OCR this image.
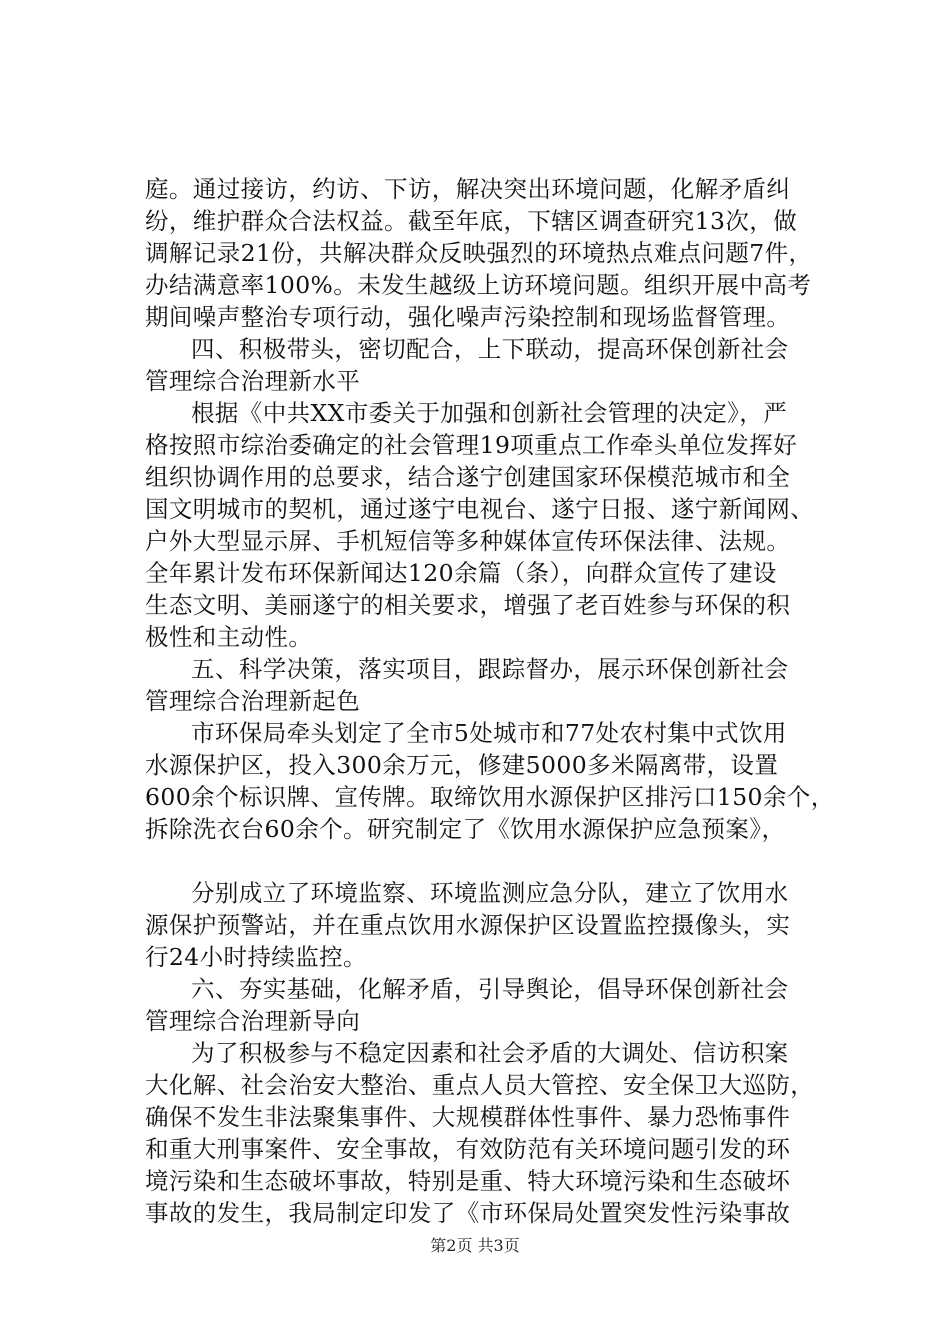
庭。通过接访，约访、下访，解决突出环境问题，化解矛盾纠
纷，维护群众合法权益。截至年底，下辖区调查研究13次，做
调解记录21份，共解决群众反映强烈的环境热点难点问题7件，
办结满意率100%。未发生越级上访环境问题。组织开展中高考
期间噪声整治专项行动，强化噪声污染控制和现场监督管理。
四、积极带头，密切配合，上下联动，提高环保创新社会
管理综合治理新水平
根据《中共XX市委关于加强和创新社会管理的决定》，严
格按照市综治委确定的社会管理19项重点工作牵头单位发挥好
组织协调作用的总要求，结合遂宁创建国家环保模范城市和全
国文明城市的契机，通过遂宁电视台、遂宁日报、遂宁新闻网、
户外大型显示屏、手机短信等多种媒体宣传环保法律、法规。
全年累计发布环保新闻达120余篇（条），向群众宣传了建设
生态文明、美丽遂宁的相关要求，增强了老百姓参与环保的积
极性和主动性。
五、科学决策，落实项目，跟踪督办，展示环保创新社会
管理综合治理新起色
市环保局牵头划定了全市5处城市和77处农村集中式饮用
水源保护区，投入300余万元，修建5000多米隔离带，设置
600余个标识牌、宣传牌。取缔饮用水源保护区排污口150余个，
拆除洗衣台60余个。研究制定了《饮用水源保护应急预案》，
分别成立了环境监察、环境监测应急分队，建立了饮用水
源保护预警站，并在重点饮用水源保护区设置监控摄像头，实
行24小时持续监控。
六、夯实基础，化解矛盾，引导舆论，倡导环保创新社会
管理综合治理新导向
为了积极参与不稳定因素和社会矛盾的大调处、信访积案
大化解、社会治安大整治、重点人员大管控、安全保卫大巡防，
确保不发生非法聚集事件、大规模群体性事件、暴力恐怖事件
和重大刑事案件、安全事故，有效防范有关环境问题引发的环
境污染和生态破坏事故，特别是重、特大环境污染和生态破坏
事故的发生，我局制定印发了《市环保局处置突发性污染事故
第2页 共3页
